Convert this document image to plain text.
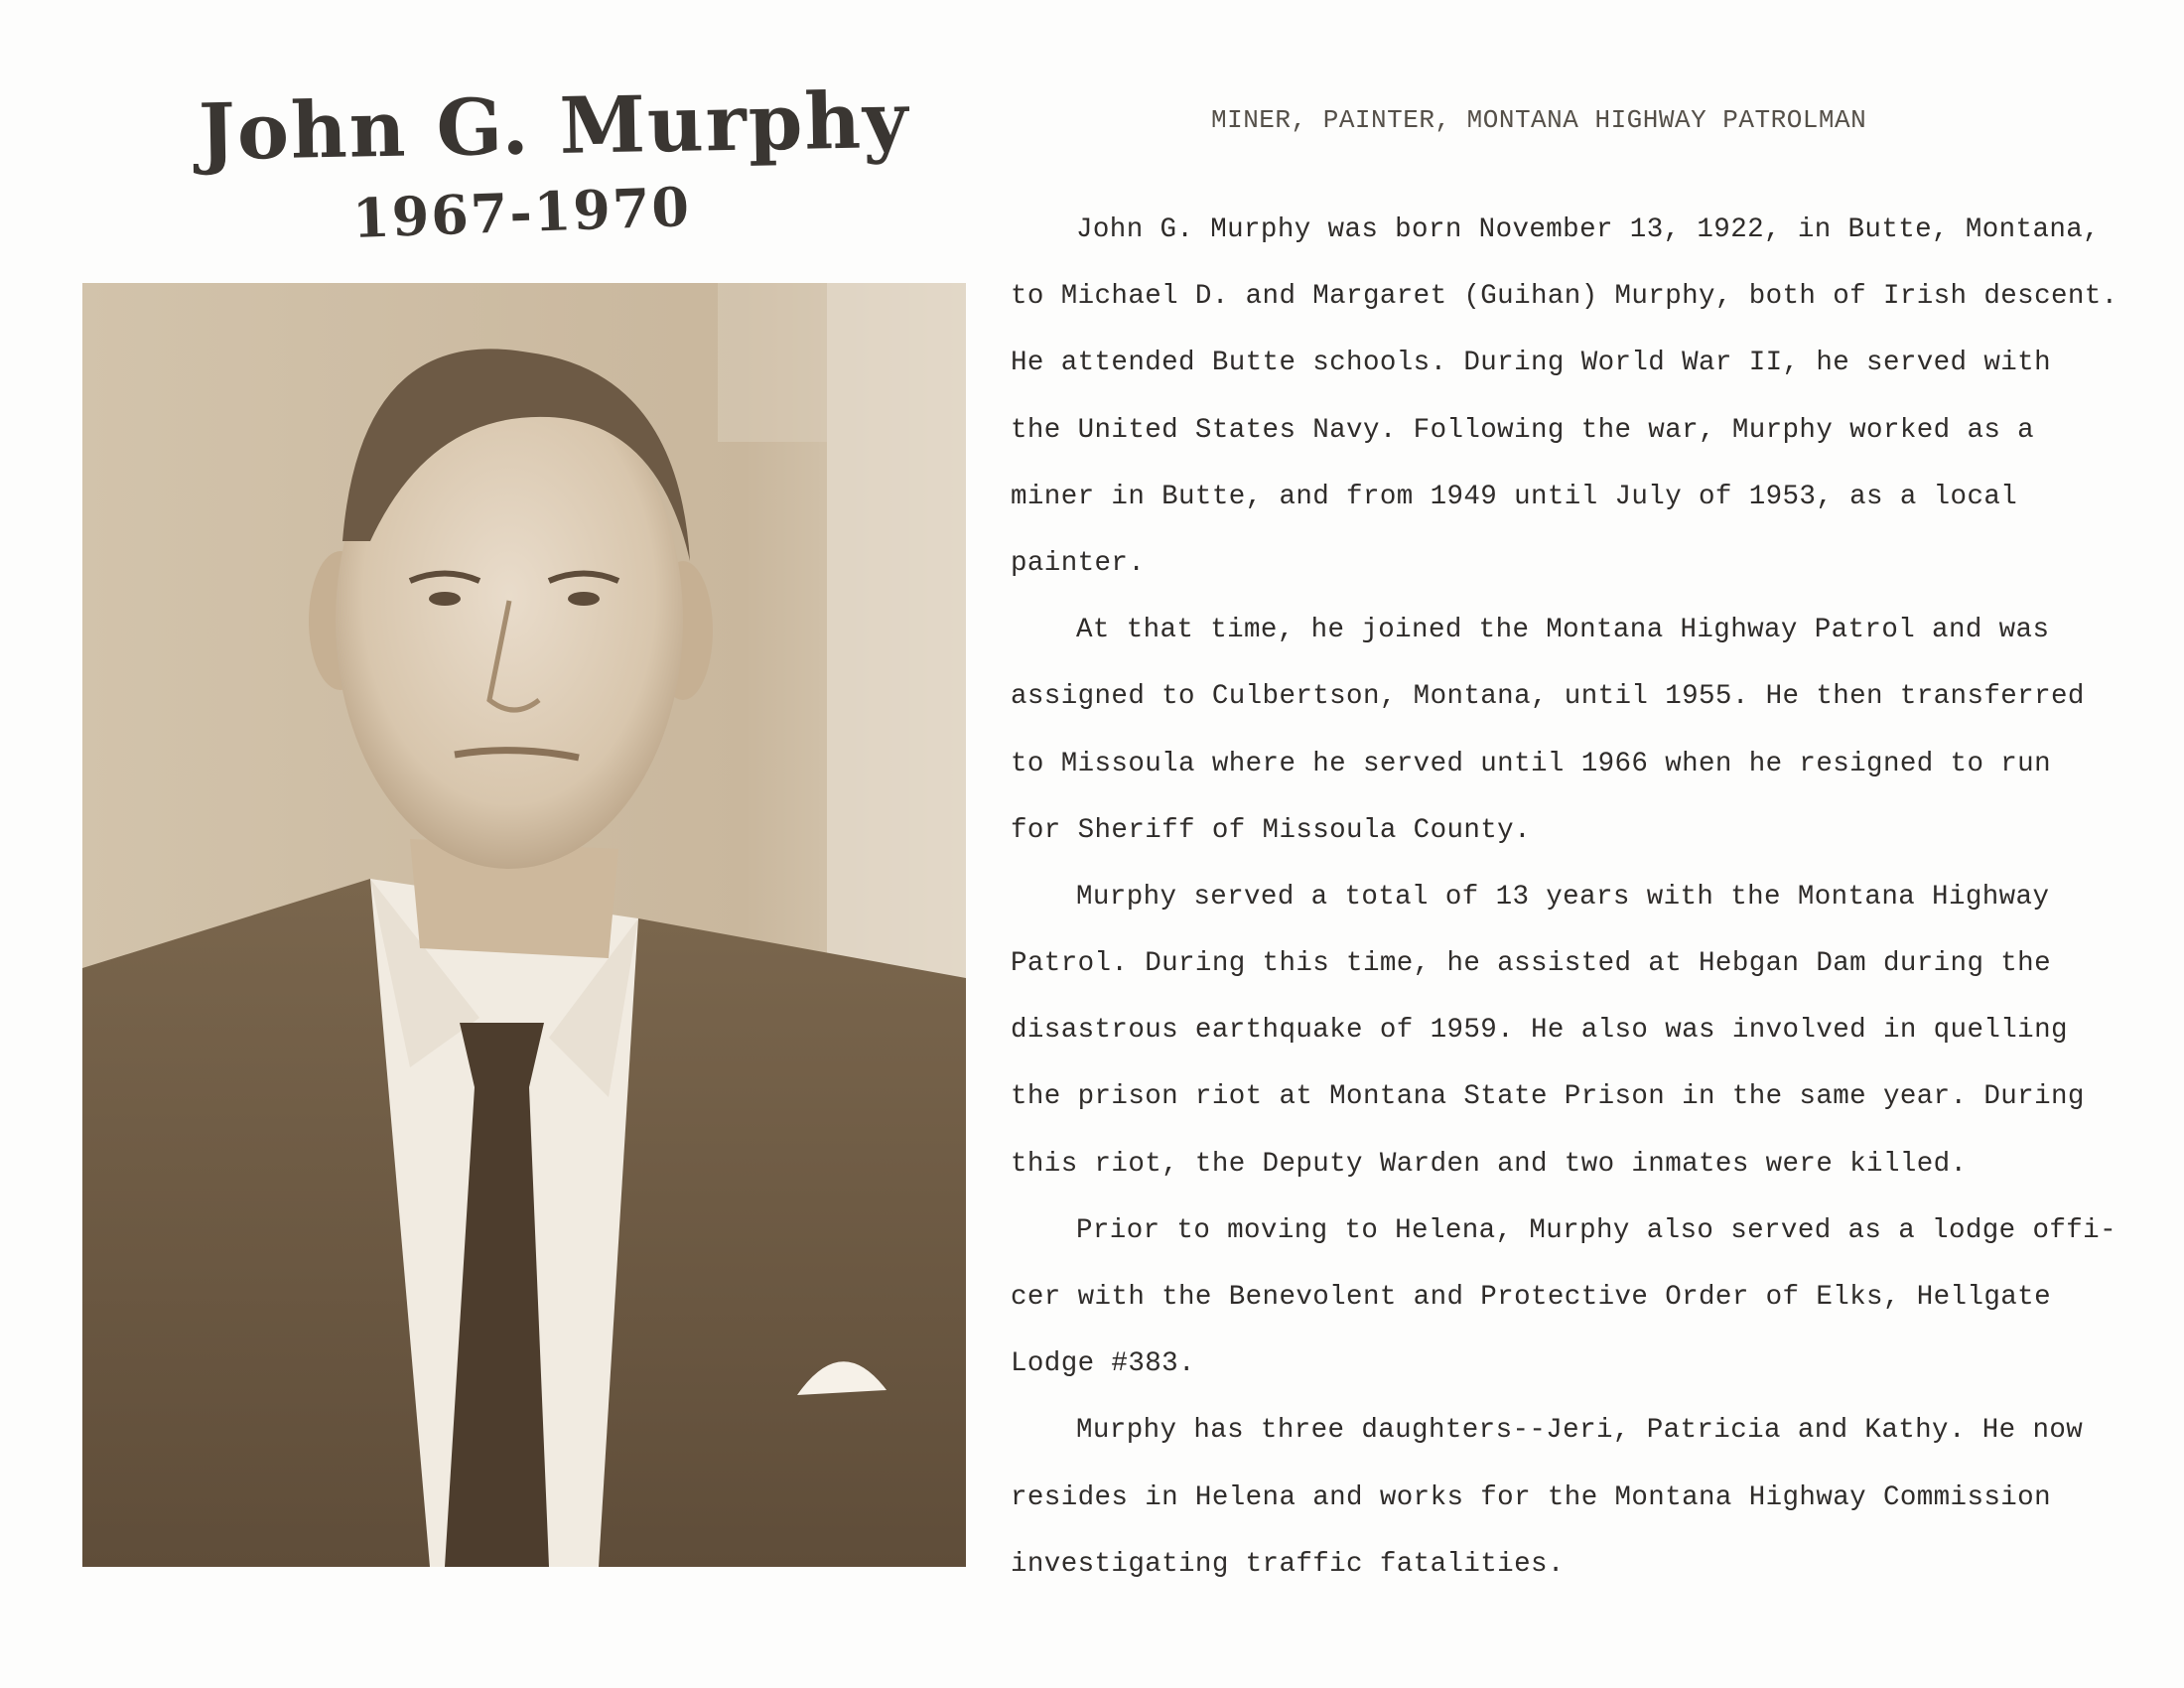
John G. Murphy
1967-1970
MINER, PAINTER, MONTANA HIGHWAY PATROLMAN
John G. Murphy was born November 13, 1922, in Butte, Montana,
to Michael D. and Margaret (Guihan) Murphy, both of Irish descent.
He attended Butte schools. During World War II, he served with
the United States Navy. Following the war, Murphy worked as a
miner in Butte, and from 1949 until July of 1953, as a local
painter.
At that time, he joined the Montana Highway Patrol and was
assigned to Culbertson, Montana, until 1955. He then transferred
to Missoula where he served until 1966 when he resigned to run
for Sheriff of Missoula County.
Murphy served a total of 13 years with the Montana Highway
Patrol. During this time, he assisted at Hebgan Dam during the
disastrous earthquake of 1959. He also was involved in quelling
the prison riot at Montana State Prison in the same year. During
this riot, the Deputy Warden and two inmates were killed.
Prior to moving to Helena, Murphy also served as a lodge offi-
cer with the Benevolent and Protective Order of Elks, Hellgate
Lodge #383.
Murphy has three daughters--Jeri, Patricia and Kathy. He now
resides in Helena and works for the Montana Highway Commission
investigating traffic fatalities.
